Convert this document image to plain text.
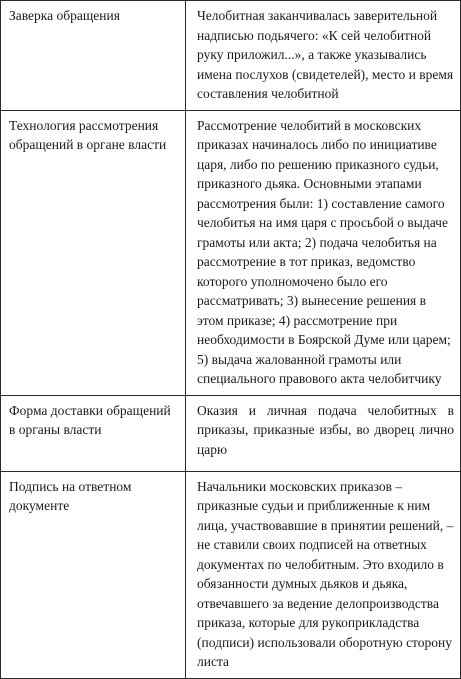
Заверка обращения	Челобитная заканчивалась заверительной надписью подьячего: «К сей челобитной руку приложил...», а также указывались имена послухов (свидетелей), место и время составления челобитной

Технология рассмотрения обращений в органе власти	Рассмотрение челобитий в московских приказах начиналось либо по инициативе царя, либо по решению приказного судьи, приказного дьяка. Основными этапами рассмотрения были: 1) составление самого челобитья на имя царя с просьбой о выдаче грамоты или акта; 2) подача челобитья на рассмотрение в тот приказ, ведомство которого уполномочено было его рассматривать; 3) вынесение решения в этом приказе; 4) рассмотрение при необходимости в Боярской Думе или царем; 5) выдача жалованной грамоты или специального правового акта челобитчику

Форма доставки обращений в органы власти	Оказия и личная подача челобитных в приказы, приказные избы, во дворец лично царю

Подпись на ответном документе	Начальники московских приказов – приказные судьи и приближенные к ним лица, участвовавшие в принятии решений, – не ставили своих подписей на ответных документах по челобитным. Это входило в обязанности думных дьяков и дьяка, отвечавшего за ведение делопроизводства приказа, которые для рукоприкладства (подписи) использовали оборотную сторону листа
